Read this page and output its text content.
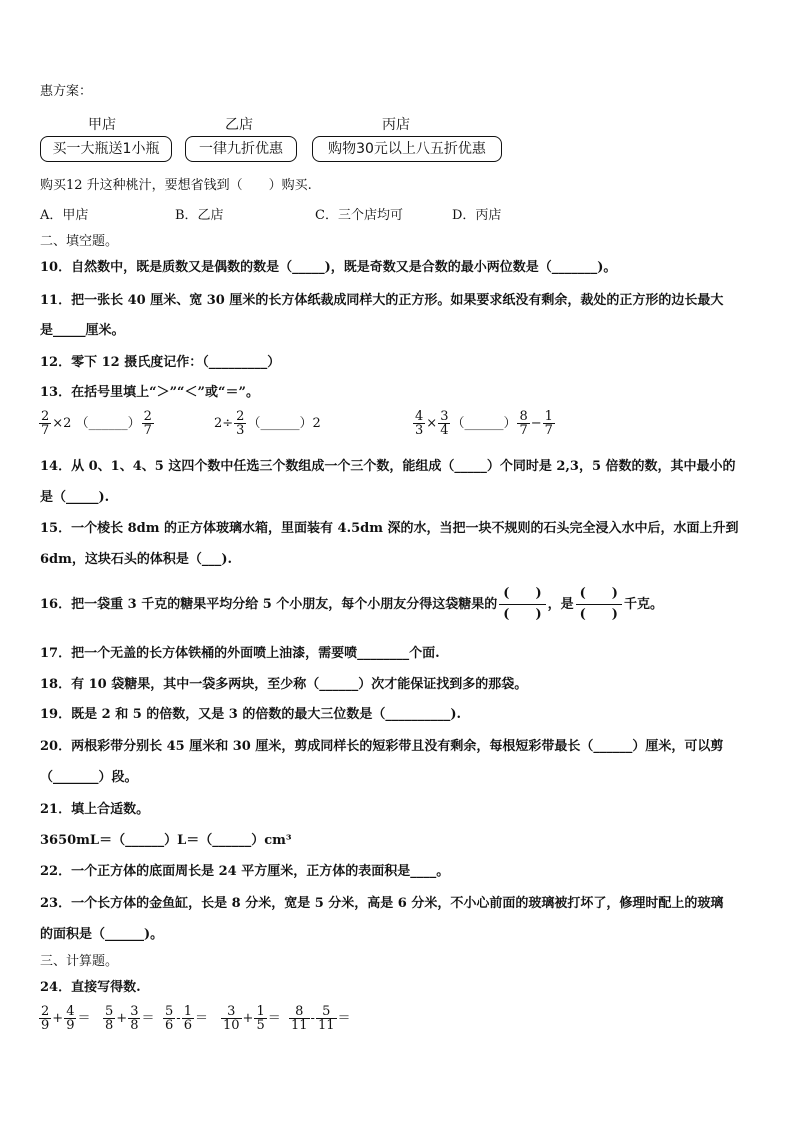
惠方案：
甲店	乙店	丙店
买一大瓶送1小瓶	一律九折优惠	购物30元以上八五折优惠
购买12 升这种桃汁，要想省钱到（　　）购买.
A．甲店	B．乙店	C．三个店均可	D．丙店
二、填空题。
10．自然数中，既是质数又是偶数的数是（_____)，既是奇数又是合数的最小两位数是（_______)。
11．把一张长 40 厘米、宽 30 厘米的长方体纸裁成同样大的正方形。如果要求纸没有剩余，裁处的正方形的边长最大
是_____厘米。
12．零下 12 摄氏度记作：（_________）
13．在括号里填上“＞”“＜”或“＝”。
$\frac{2}{7} \times 2$ （______） $\frac{2}{7}$	$2\div \frac{2}{3}$ （______）2	$\frac{4}{3} \times \frac{3}{4}$ （______） $\frac{8}{7} - \frac{1}{7}$
14．从 0、1、4、5 这四个数中任选三个数组成一个三个数，能组成（_____）个同时是 2,3，5 倍数的数，其中最小的
是（_____).
15．一个棱长 8dm 的正方体玻璃水箱，里面装有 4.5dm 深的水，当把一块不规则的石头完全浸入水中后，水面上升到
6dm，这块石头的体积是（___).
16．把一袋重 3 千克的糖果平均分给 5 个小朋友，每个小朋友分得这袋糖果的 $\frac{( )}{( )}$ ，是 $\frac{( )}{( )}$ 千克。
17．把一个无盖的长方体铁桶的外面喷上油漆，需要喷________个面.
18．有 10 袋糖果，其中一袋多两块，至少称（______）次才能保证找到多的那袋。
19．既是 2 和 5 的倍数，又是 3 的倍数的最大三位数是（__________).
20．两根彩带分别长 45 厘米和 30 厘米，剪成同样长的短彩带且没有剩余，每根短彩带最长（______）厘米，可以剪
（_______）段。
21．填上合适数。
3650mL＝（______）L＝（______）cm³
22．一个正方体的底面周长是 24 平方厘米，正方体的表面积是____。
23．一个长方体的金鱼缸，长是 8 分米，宽是 5 分米，高是 6 分米，不小心前面的玻璃被打坏了，修理时配上的玻璃
的面积是（______)。
三、计算题。
24．直接写得数.
$\frac{2}{9} + \frac{4}{9} = \frac{5}{8} + \frac{3}{8} = \frac{5}{6} - \frac{1}{6} = \frac{3}{10} + \frac{1}{5} = \frac{8}{11} - \frac{5}{11}$ ＝
